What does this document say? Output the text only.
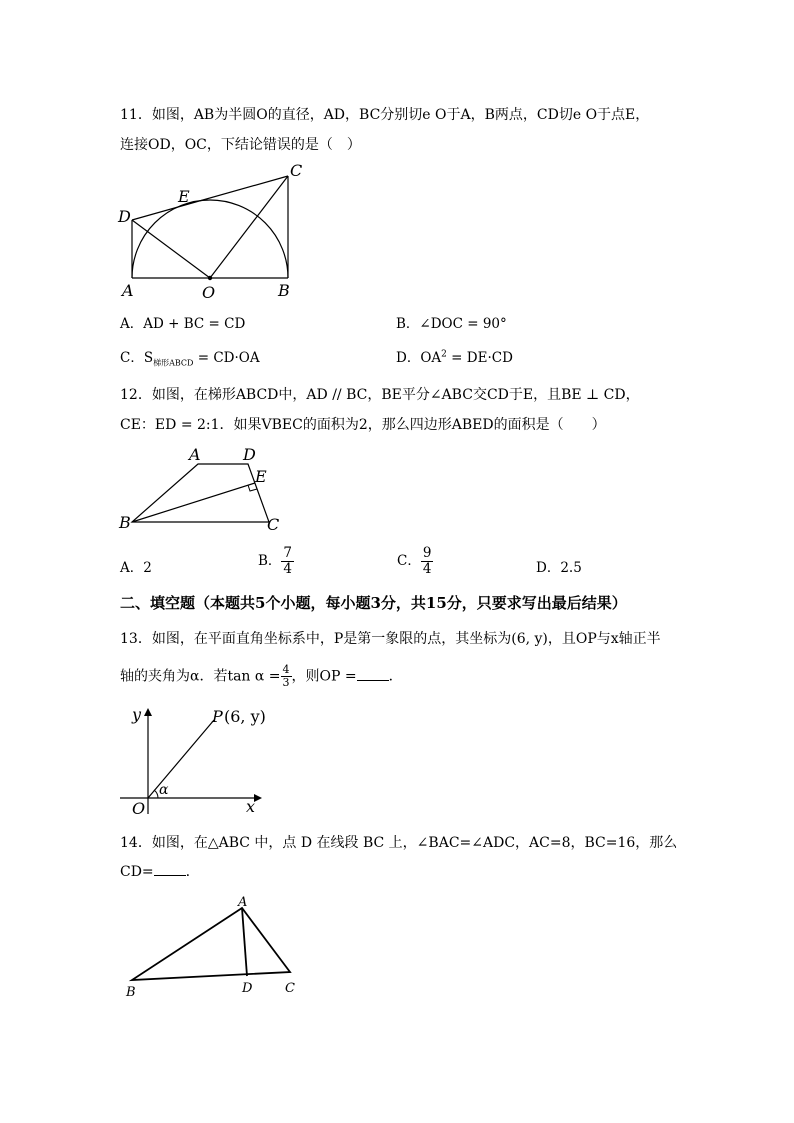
11．如图，AB为半圆O的直径，AD，BC分别切e O于A，B两点，CD切e O于点E，
连接OD，OC，下结论错误的是（　）
C
E
D
A	O	B
A．AD + BC = CD	B．∠DOC = 90°
C．$S_{梯形ABCD} = CD\cdot OA$	D．$OA^2 = DE\cdot CD$
12．如图，在梯形ABCD中，AD // BC，BE平分∠ABC交CD于E，且BE ⊥ CD，
CE：ED = 2:1．如果VBEC的面积为2，那么四边形ABED的面积是（　　）
A	D
E
B	C
A．2	B． $\frac{7}{4}$	C． $\frac{9}{4}$	D．2.5
二、填空题（本题共5个小题，每小题3分，共15分，只要求写出最后结果）
13．如图，在平面直角坐标系中，P是第一象限的点，其坐标为(6, y)，且OP与x轴正半
轴的夹角为α．若$\tan \alpha = \frac{4}{3}$ ，则OP = ．
y	P (6, y)
α
O	x
14．如图，在△ABC 中，点 D 在线段 BC 上，∠BAC=∠ADC，AC=8，BC=16，那么
CD= .
A
B	D	C
